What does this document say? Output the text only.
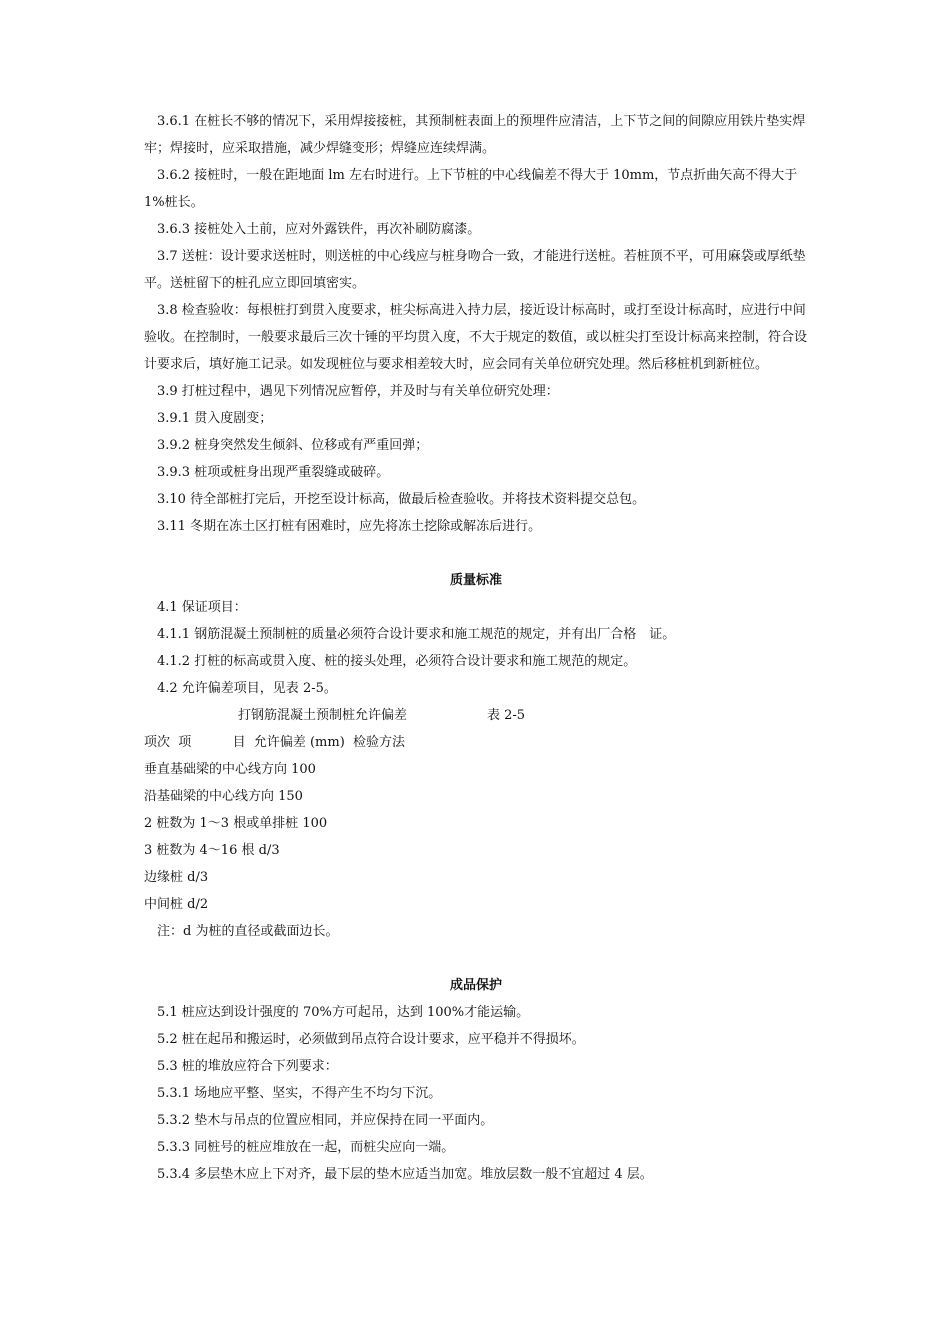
3.6.1 在桩长不够的情况下，采用焊接接桩，其预制桩表面上的预埋件应清洁，上下节之间的间隙应用铁片垫实焊牢；焊接时，应采取措施，减少焊缝变形；焊缝应连续焊满。

3.6.2 接桩时，一般在距地面 lm 左右时进行。上下节桩的中心线偏差不得大于 10mm，节点折曲矢高不得大于 1%桩长。

3.6.3 接桩处入土前，应对外露铁件，再次补刷防腐漆。

3.7 送桩：设计要求送桩时，则送桩的中心线应与桩身吻合一致，才能进行送桩。若桩顶不平，可用麻袋或厚纸垫平。送桩留下的桩孔应立即回填密实。

3.8 检查验收：每根桩打到贯入度要求，桩尖标高进入持力层，接近设计标高时，或打至设计标高时，应进行中间验收。在控制时，一般要求最后三次十锤的平均贯入度，不大于规定的数值，或以桩尖打至设计标高来控制，符合设计要求后，填好施工记录。如发现桩位与要求相差较大时，应会同有关单位研究处理。然后移桩机到新桩位。

3.9 打桩过程中，遇见下列情况应暂停，并及时与有关单位研究处理：

3.9.1 贯入度剧变；

3.9.2 桩身突然发生倾斜、位移或有严重回弹；

3.9.3 桩项或桩身出现严重裂缝或破碎。

3.10 待全部桩打完后，开挖至设计标高，做最后检查验收。并将技术资料提交总包。

3.11 冬期在冻土区打桩有困难时，应先将冻土挖除或解冻后进行。

质量标准

4.1 保证项目：

4.1.1 钢筋混凝土预制桩的质量必须符合设计要求和施工规范的规定，并有出厂合格　证。

4.1.2 打桩的标高或贯入度、桩的接头处理，必须符合设计要求和施工规范的规定。

4.2 允许偏差项目，见表 2-5。

打钢筋混凝土预制桩允许偏差	表 2-5

项次  项          目  允许偏差 (mm)  检验方法

垂直基础梁的中心线方向 100

沿基础梁的中心线方向 150

2 桩数为 1～3 根或单排桩 100

3 桩数为 4～16 根 d/3

边缘桩 d/3

中间桩 d/2

注：d 为桩的直径或截面边长。

成品保护

5.1 桩应达到设计强度的 70%方可起吊，达到 100%才能运输。

5.2 桩在起吊和搬运时，必须做到吊点符合设计要求，应平稳并不得损坏。

5.3 桩的堆放应符合下列要求：

5.3.1 场地应平整、坚实，不得产生不均匀下沉。

5.3.2 垫木与吊点的位置应相同，并应保持在同一平面内。

5.3.3 同桩号的桩应堆放在一起，而桩尖应向一端。

5.3.4 多层垫木应上下对齐，最下层的垫木应适当加宽。堆放层数一般不宜超过 4 层。
